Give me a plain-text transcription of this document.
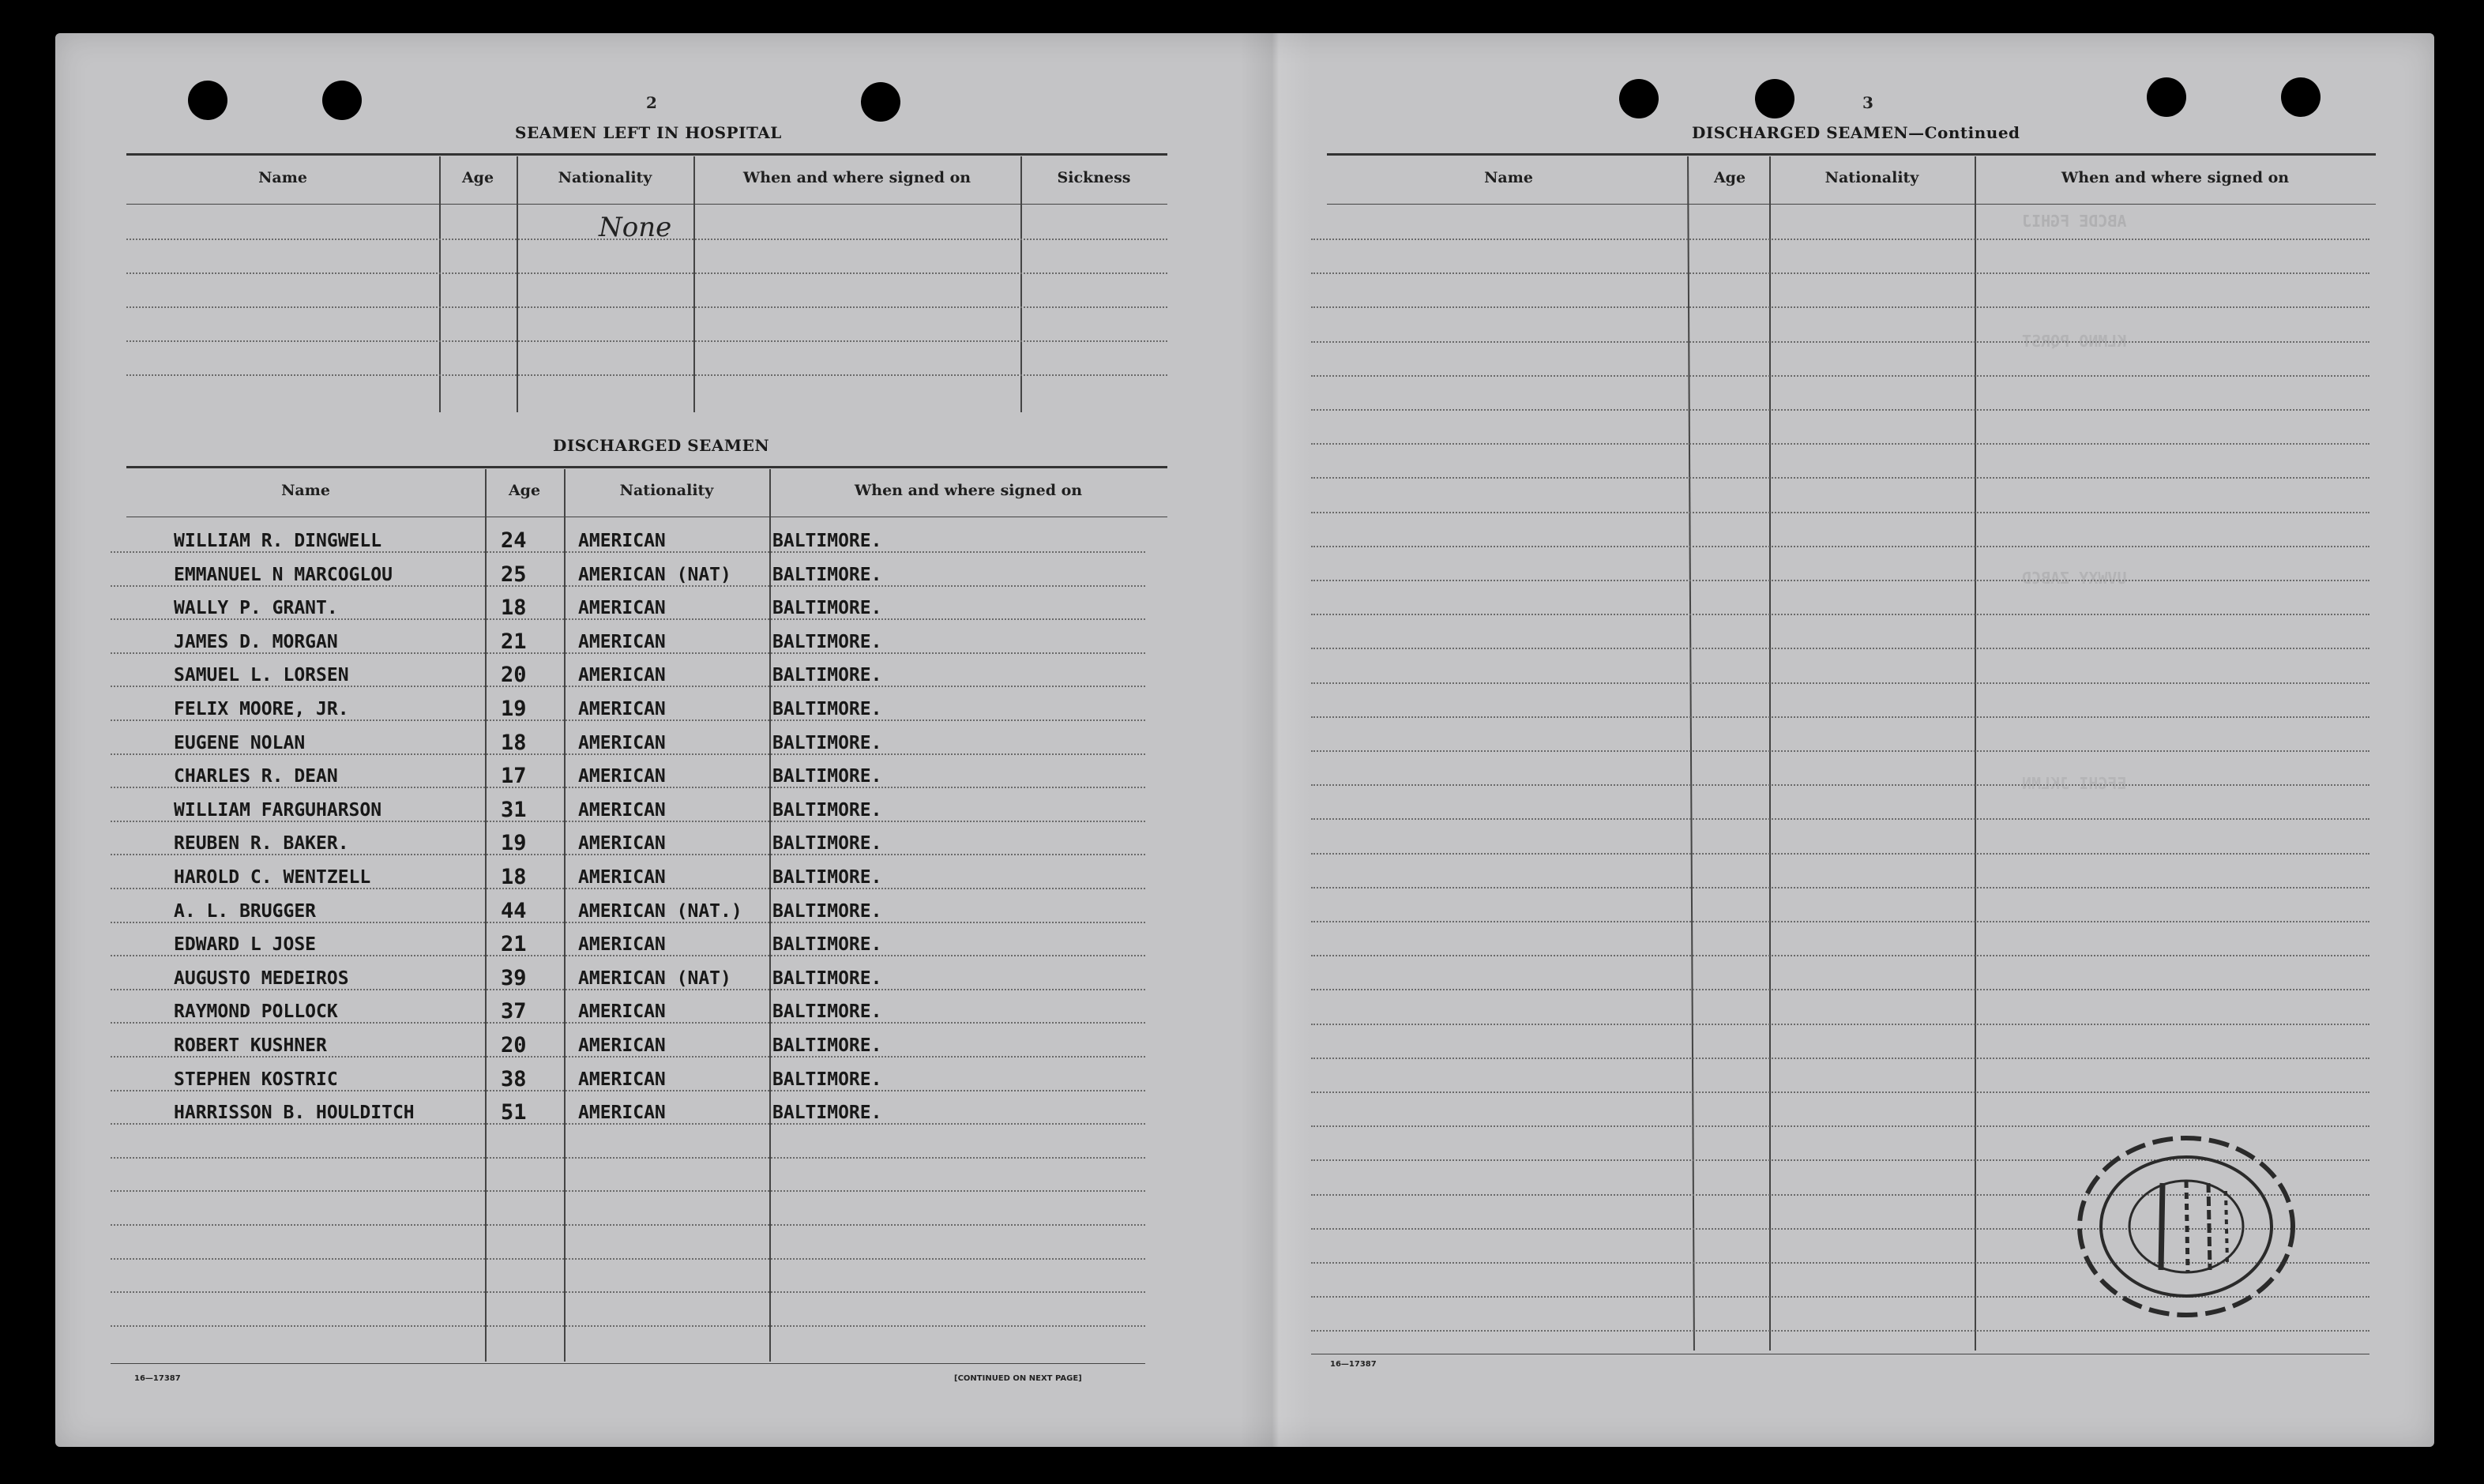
ABCDE FGHIJ
KLMNO PQRST
UVWXY ZABCD
EFGHI JKLMN
2
SEAMEN LEFT IN HOSPITAL
Name	Age	Nationality	When and where signed on	Sickness
None
DISCHARGED SEAMEN
Name	Age	Nationality	When and where signed on
WILLIAM R. DINGWELL	24	AMERICAN	BALTIMORE.
EMMANUEL N MARCOGLOU	25	AMERICAN (NAT) BALTIMORE.
WALLY P. GRANT.	18	AMERICAN	BALTIMORE.
JAMES D. MORGAN	21	AMERICAN	BALTIMORE.
SAMUEL L. LORSEN	20	AMERICAN	BALTIMORE.
FELIX MOORE, JR.	19	AMERICAN	BALTIMORE.
EUGENE NOLAN	18	AMERICAN	BALTIMORE.
CHARLES R. DEAN	17	AMERICAN	BALTIMORE.
WILLIAM FARGUHARSON	31	AMERICAN	BALTIMORE.
REUBEN R. BAKER.	19	AMERICAN	BALTIMORE.
HAROLD C. WENTZELL	18	AMERICAN	BALTIMORE.
A. L. BRUGGER	44	AMERICAN (NAT.) BALTIMORE.
EDWARD L JOSE	21	AMERICAN	BALTIMORE.
AUGUSTO MEDEIROS	39	AMERICAN (NAT) BALTIMORE.
RAYMOND POLLOCK	37	AMERICAN	BALTIMORE.
ROBERT KUSHNER	20	AMERICAN	BALTIMORE.
STEPHEN KOSTRIC	38	AMERICAN	BALTIMORE.
HARRISSON B. HOULDITCH	51	AMERICAN	BALTIMORE.
16—17387	[CONTINUED ON NEXT PAGE]
3
DISCHARGED SEAMEN—Continued
Name	Age	Nationality	When and where signed on
16—17387
